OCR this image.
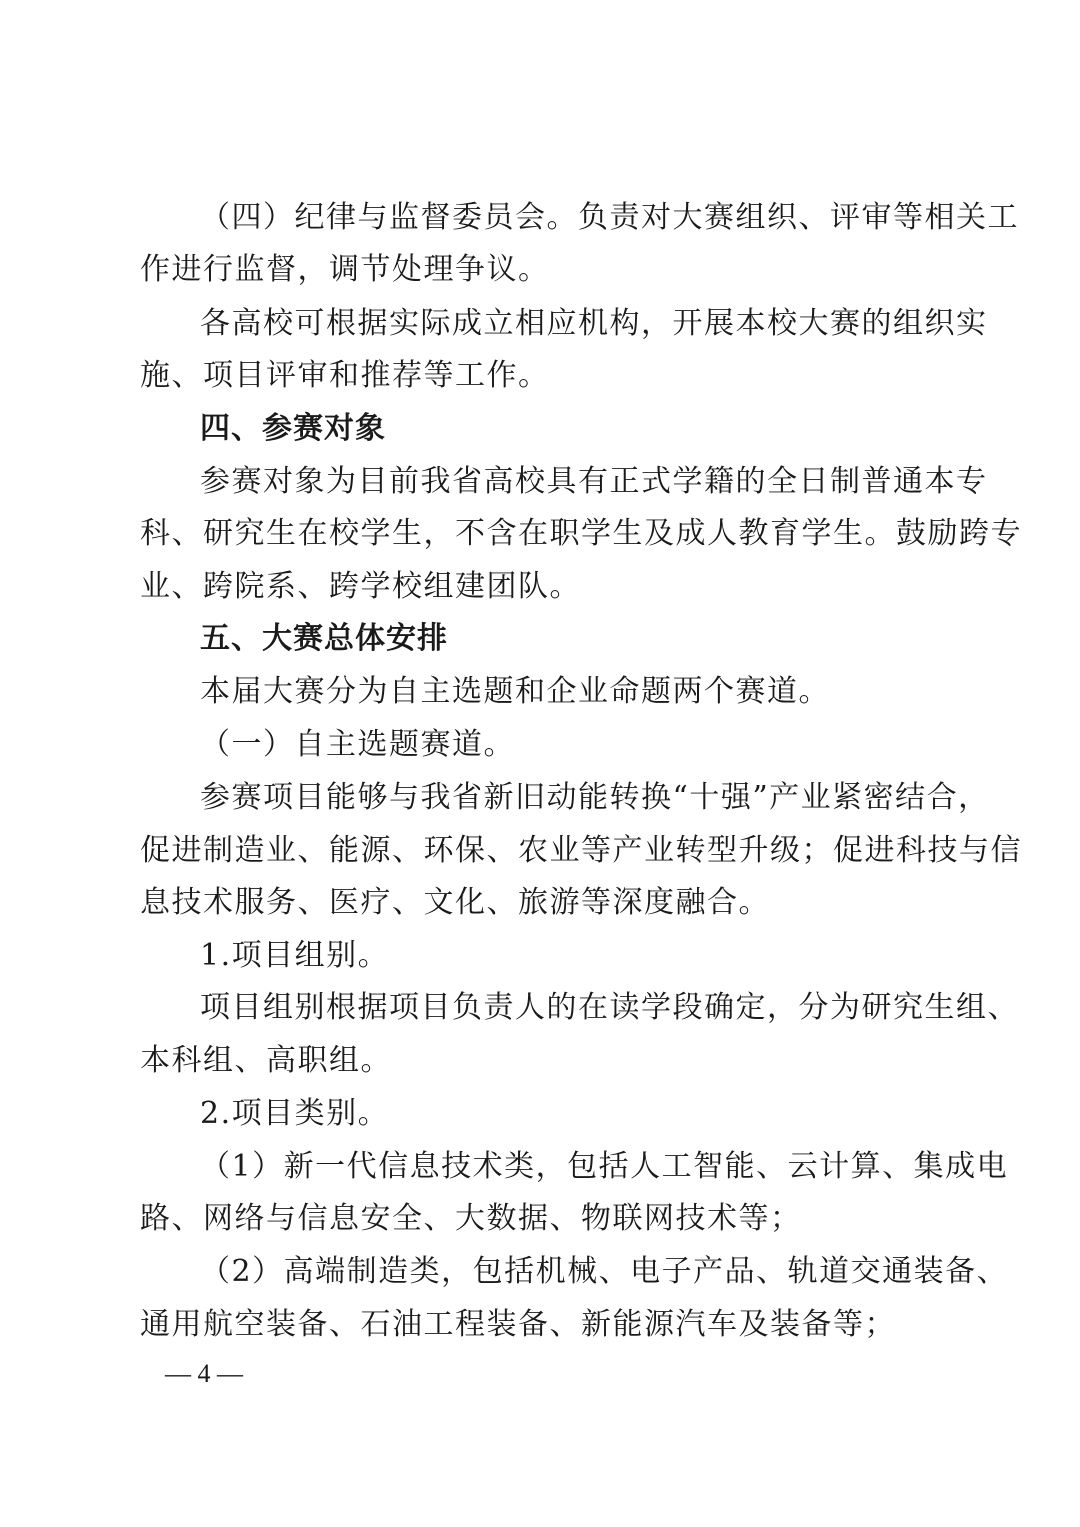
（四）纪律与监督委员会。负责对大赛组织、评审等相关工
作进行监督，调节处理争议。
各高校可根据实际成立相应机构，开展本校大赛的组织实
施、项目评审和推荐等工作。
四、参赛对象
参赛对象为目前我省高校具有正式学籍的全日制普通本专
科、研究生在校学生，不含在职学生及成人教育学生。鼓励跨专
业、跨院系、跨学校组建团队。
五、大赛总体安排
本届大赛分为自主选题和企业命题两个赛道。
（一）自主选题赛道。
参赛项目能够与我省新旧动能转换“十强”产业紧密结合，
促进制造业、能源、环保、农业等产业转型升级；促进科技与信
息技术服务、医疗、文化、旅游等深度融合。
1.项目组别。
项目组别根据项目负责人的在读学段确定，分为研究生组、
本科组、高职组。
2.项目类别。
（1）新一代信息技术类，包括人工智能、云计算、集成电
路、网络与信息安全、大数据、物联网技术等；
（2）高端制造类，包括机械、电子产品、轨道交通装备、
通用航空装备、石油工程装备、新能源汽车及装备等；
— 4 —
